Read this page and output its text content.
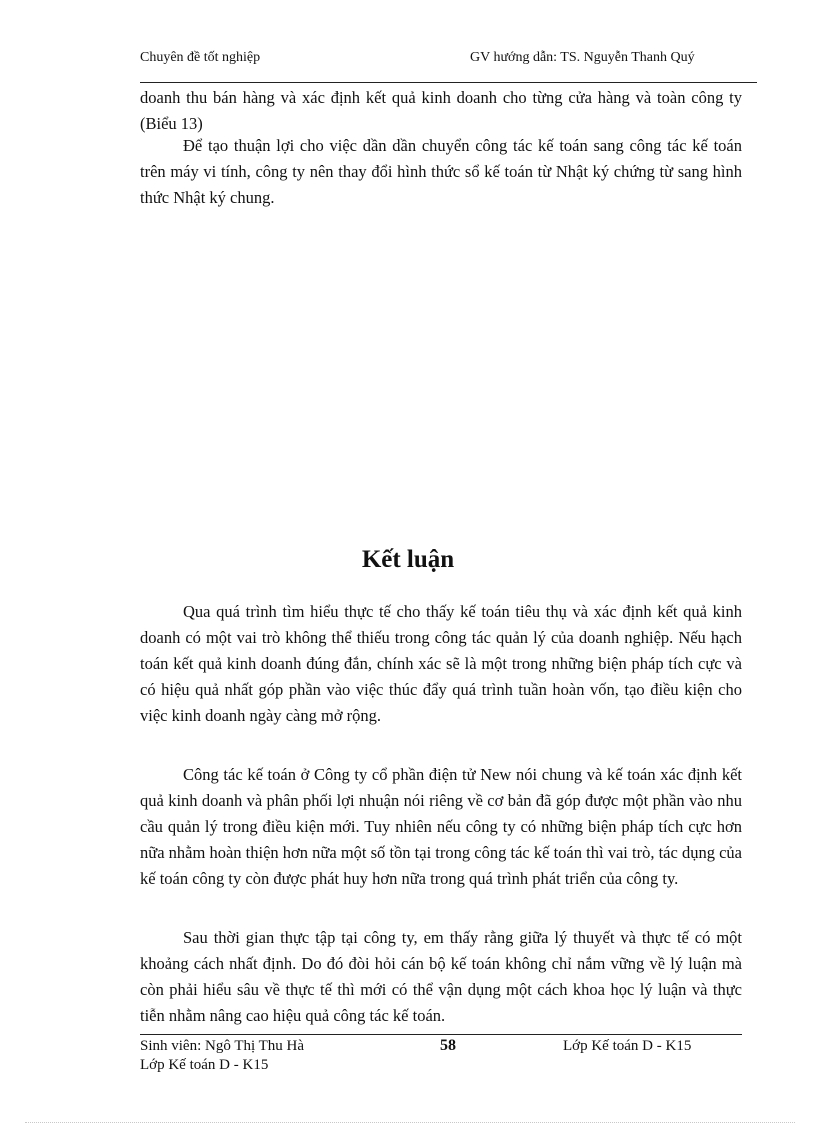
Chuyên đề tốt nghiệp	GV hướng dẫn: TS. Nguyễn Thanh Quý

doanh thu bán hàng và xác định kết quả kinh doanh cho từng cửa hàng và toàn công ty (Biểu 13)

Để tạo thuận lợi cho việc dần dần chuyển công tác kế toán sang công tác kế toán trên máy vi tính, công ty nên thay đổi hình thức sổ kế toán từ Nhật ký chứng từ sang hình thức Nhật ký chung.

Kết luận

Qua quá trình tìm hiểu thực tế cho thấy kế toán tiêu thụ và xác định kết quả kinh doanh có một vai trò không thể thiếu trong công tác quản lý của doanh nghiệp. Nếu hạch toán kết quả kinh doanh đúng đắn, chính xác sẽ là một trong những biện pháp tích cực và có hiệu quả nhất góp phần vào việc thúc đẩy quá trình tuần hoàn vốn, tạo điều kiện cho việc kinh doanh ngày càng mở rộng.

Công tác kế toán ở Công ty cổ phần điện tử New nói chung và kế toán xác định kết quả kinh doanh và phân phối lợi nhuận nói riêng về cơ bản đã góp được một phần vào nhu cầu quản lý trong điều kiện mới. Tuy nhiên nếu công ty có những biện pháp tích cực hơn nữa nhằm hoàn thiện hơn nữa một số tồn tại trong công tác kế toán thì vai trò, tác dụng của kế toán công ty còn được phát huy hơn nữa trong quá trình phát triển của công ty.

Sau thời gian thực tập tại công ty, em thấy rằng giữa lý thuyết và thực tế có một khoảng cách nhất định. Do đó đòi hỏi cán bộ kế toán không chỉ nắm vững về lý luận mà còn phải hiểu sâu về thực tế thì mới có thể vận dụng một cách khoa học lý luận và thực tiễn nhằm nâng cao hiệu quả công tác kế toán.

Sinh viên: Ngô Thị Thu Hà	58	Lớp Kế toán D - K15
Lớp Kế toán D - K15
